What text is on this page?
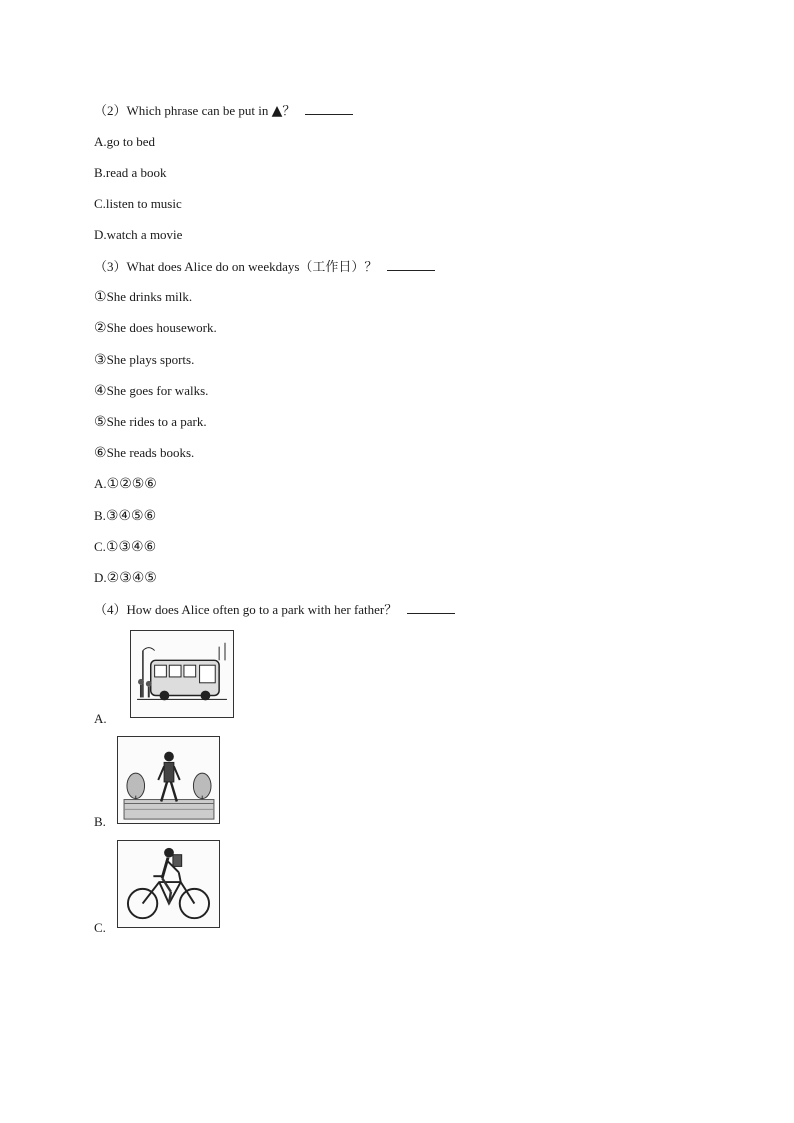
（2）Which phrase can be put in ▲？
A.go to bed
B.read a book
C.listen to music
D.watch a movie
（3）What does Alice do on weekdays（工作日）？
①She drinks milk.
②She does housework.
③She plays sports.
④She goes for walks.
⑤She rides to a park.
⑥She reads books.
A.①②⑤⑥
B.③④⑤⑥
C.①③④⑥
D.②③④⑤
（4）How does Alice often go to a park with her father？
A.
B.
C.
